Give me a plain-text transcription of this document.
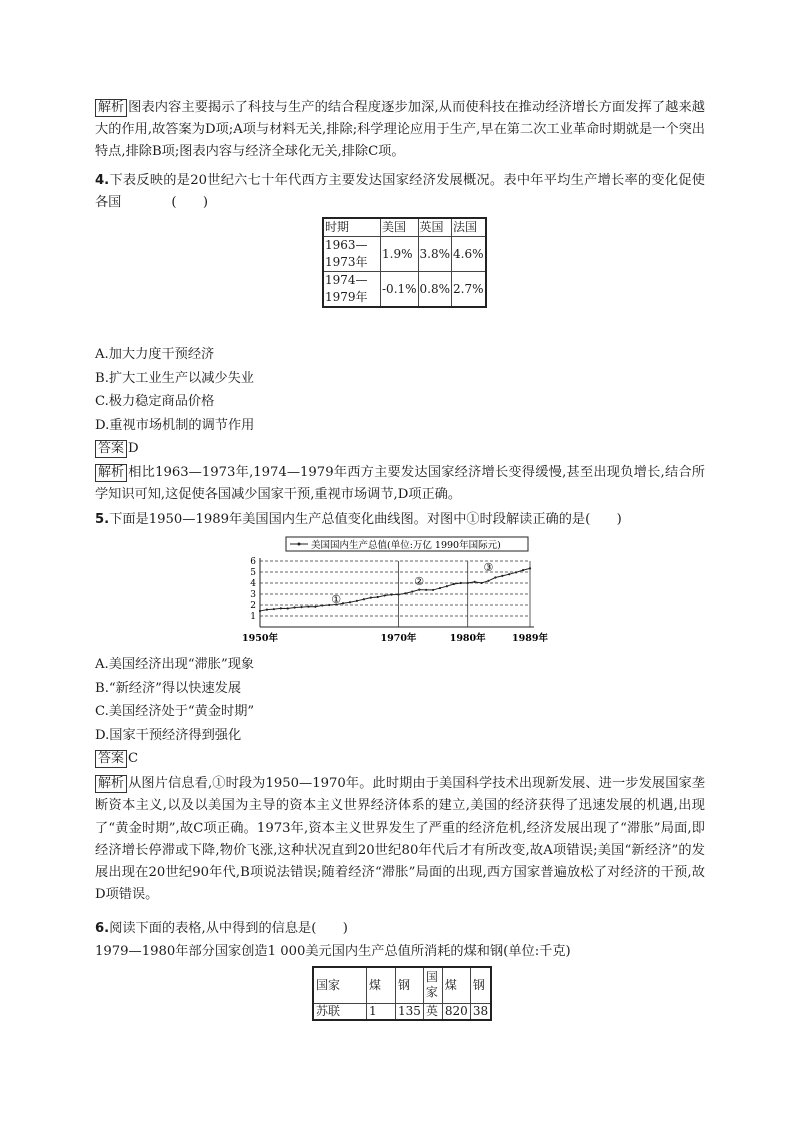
解析 图表内容主要揭示了科技与生产的结合程度逐步加深,从而使科技在推动经济增长方面发挥了越来越大的作用,故答案为D项;A项与材料无关,排除;科学理论应用于生产,早在第二次工业革命时期就是一个突出特点,排除B项;图表内容与经济全球化无关,排除C项。

4.下表反映的是20世纪六七十年代西方主要发达国家经济发展概况。表中年平均生产增长率的变化促使各国	(　　)

时期	美国	英国	法国
1963—1973年	1.9%	3.8%	4.6%
1974—1979年	-0.1%	0.8%	2.7%

A.加大力度干预经济

B.扩大工业生产以减少失业

C.极力稳定商品价格

D.重视市场机制的调节作用

答案 D

解析 相比1963—1973年,1974—1979年西方主要发达国家经济增长变得缓慢,甚至出现负增长,结合所学知识可知,这促使各国减少国家干预,重视市场调节,D项正确。

5.下面是1950—1989年美国国内生产总值变化曲线图。对图中①时段解读正确的是(　　)

美国国内生产总值(单位:万亿 1990年国际元)
①
②
③
1950年	1970年	1980年	1989年
1
2
3
4
5
6

A.美国经济出现“滞胀”现象

B.“新经济”得以快速发展

C.美国经济处于“黄金时期”

D.国家干预经济得到强化

答案 C

解析 从图片信息看,①时段为1950—1970年。此时期由于美国科学技术出现新发展、进一步发展国家垄断资本主义,以及以美国为主导的资本主义世界经济体系的建立,美国的经济获得了迅速发展的机遇,出现了“黄金时期”,故C项正确。1973年,资本主义世界发生了严重的经济危机,经济发展出现了“滞胀”局面,即经济增长停滞或下降,物价飞涨,这种状况直到20世纪80年代后才有所改变,故A项错误;美国“新经济”的发展出现在20世纪90年代,B项说法错误;随着经济“滞胀”局面的出现,西方国家普遍放松了对经济的干预,故D项错误。

6.阅读下面的表格,从中得到的信息是(　　)

1979—1980年部分国家创造1 000美元国内生产总值所消耗的煤和钢(单位:千克)

国家	煤	钢	国家	煤	钢
苏联	1	135	英	820	38
